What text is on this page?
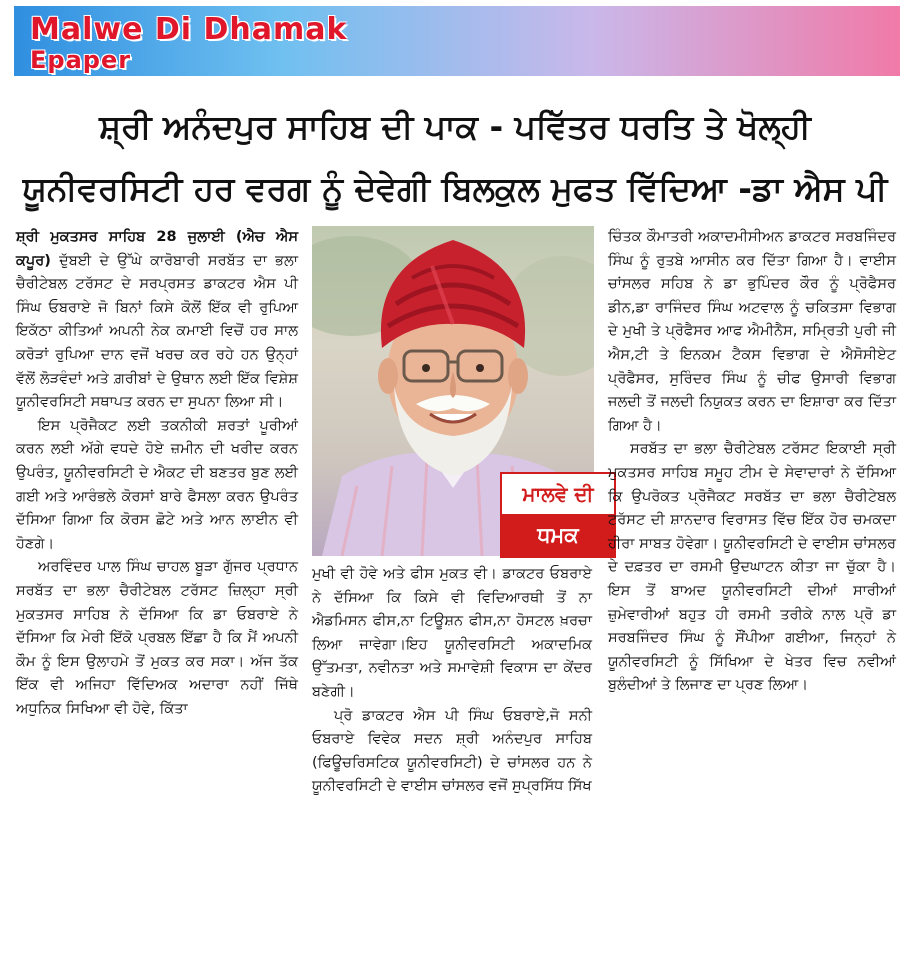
Malwe Di Dhamak
Epaper
ਸ਼੍ਰੀ ਅਨੰਦਪੁਰ ਸਾਹਿਬ ਦੀ ਪਾਕ - ਪਵਿੱਤਰ ਧਰਤਿ ਤੇ ਖੋਲ੍ਹੀ ਯੂਨੀਵਰਸਿਟੀ ਹਰ ਵਰਗ ਨੂੰ ਦੇਵੇਗੀ ਬਿਲਕੁਲ ਮੁਫਤ ਵਿੱਦਿਆ -ਡਾ ਐਸ ਪੀ

ਸ਼੍ਰੀ ਮੁਕਤਸਰ ਸਾਹਿਬ 28 ਜੁਲਾਈ (ਐਚ ਐਸ ਕਪੂਰ) ਦੁੱਬਈ ਦੇ ਉੱਘੇ ਕਾਰੋਬਾਰੀ ਸਰਬੱਤ ਦਾ ਭਲਾ ਚੈਰੀਟੇਬਲ ਟਰੱਸਟ ਦੇ ਸਰਪ੍ਰਸਤ ਡਾਕਟਰ ਐਸ ਪੀ ਸਿੰਘ ਓਬਰਾਏ ਜੋ ਬਿਨਾਂ ਕਿਸੇ ਕੋਲੋਂ ਇੱਕ ਵੀ ਰੁਪਿਆ ਇਕੱਠਾ ਕੀਤਿਆਂ ਅਪਨੀ ਨੇਕ ਕਮਾਈ ਵਿਚੋਂ ਹਰ ਸਾਲ ਕਰੋੜਾਂ ਰੁਪਿਆ ਦਾਨ ਵਜੋਂ ਖਰਚ ਕਰ ਰਹੇ ਹਨ ਉਨ੍ਹਾਂ ਵੱਲੋਂ ਲੋੜਵੰਦਾਂ ਅਤੇ ਗ਼ਰੀਬਾਂ ਦੇ ਉਥਾਨ ਲਈ ਇੱਕ ਵਿਸ਼ੇਸ਼ ਯੂਨੀਵਰਸਿਟੀ ਸਥਾਪਤ ਕਰਨ ਦਾ ਸੁਪਨਾ ਲਿਆ ਸੀ।

ਇਸ ਪ੍ਰੋਜੈਕਟ ਲਈ ਤਕਨੀਕੀ ਸ਼ਰਤਾਂ ਪੂਰੀਆਂ ਕਰਨ ਲਈ ਅੱਗੇ ਵਧਦੇ ਹੋਏ ਜ਼ਮੀਨ ਦੀ ਖਰੀਦ ਕਰਨ ਉਪਰੰਤ, ਯੂਨੀਵਰਸਿਟੀ ਦੇ ਐਕਟ ਦੀ ਬਣਤਰ ਬੁਣ ਲਈ ਗਈ ਅਤੇ ਆਰੰਭਲੇ ਕੋਰਸਾਂ ਬਾਰੇ ਫੈਸਲਾ ਕਰਨ ਉਪਰੰਤ ਦੱਸਿਆ ਗਿਆ ਕਿ ਕੋਰਸ ਛੋਟੇ ਅਤੇ ਆਨ ਲਾਈਨ ਵੀ ਹੋਣਗੇ।

ਅਰਵਿੰਦਰ ਪਾਲ ਸਿੰਘ ਚਾਹਲ ਬੂੜਾ ਗੁੱਜਰ ਪ੍ਰਧਾਨ ਸਰਬੱਤ ਦਾ ਭਲਾ ਚੈਰੀਟੇਬਲ ਟਰੱਸਟ ਜ਼ਿਲ੍ਹਾ ਸ੍ਰੀ ਮੁਕਤਸਰ ਸਾਹਿਬ ਨੇ ਦੱਸਿਆ ਕਿ ਡਾ ਓਬਰਾਏ ਨੇ ਦੱਸਿਆ ਕਿ ਮੇਰੀ ਇੱਕੋ ਪ੍ਰਬਲ ਇੱਛਾ ਹੈ ਕਿ ਮੈਂ ਅਪਨੀ ਕੌਮ ਨੂੰ ਇਸ ਉਲਾਹਮੇ ਤੋਂ ਮੁਕਤ ਕਰ ਸਕਾ। ਅੱਜ ਤੱਕ ਇੱਕ ਵੀ ਅਜਿਹਾ ਵਿੱਦਿਅਕ ਅਦਾਰਾ ਨਹੀਂ ਜਿੱਥੇ ਅਧੁਨਿਕ ਸਿਖਿਆ ਵੀ ਹੋਵੇ, ਕਿੱਤਾ

ਮਾਲਵੇ ਦੀ
ਧਮਕ

ਮੁਖੀ ਵੀ ਹੋਵੇ ਅਤੇ ਫੀਸ ਮੁਕਤ ਵੀ। ਡਾਕਟਰ ਓਬਰਾਏ ਨੇ ਦੱਸਿਆ ਕਿ ਕਿਸੇ ਵੀ ਵਿਦਿਆਰਥੀ ਤੋਂ ਨਾ ਐਡਮਿਸਨ ਫੀਸ,ਨਾ ਟਿਊਸ਼ਨ ਫੀਸ,ਨਾ ਹੋਸਟਲ ਖ਼ਰਚਾ ਲਿਆ ਜਾਵੇਗਾ।ਇਹ ਯੂਨੀਵਰਸਿਟੀ ਅਕਾਦਮਿਕ ਉੱਤਮਤਾ, ਨਵੀਨਤਾ ਅਤੇ ਸਮਾਵੇਸ਼ੀ ਵਿਕਾਸ ਦਾ ਕੇਂਦਰ ਬਣੇਗੀ।

ਪ੍ਰੋ ਡਾਕਟਰ ਐਸ ਪੀ ਸਿੰਘ ਓਬਰਾਏ,ਜੋ ਸਨੀ ਓਬਰਾਏ ਵਿਵੇਕ ਸਦਨ ਸ਼੍ਰੀ ਅਨੰਦਪੁਰ ਸਾਹਿਬ (ਫਿਊਚਰਿਸਟਿਕ ਯੂਨੀਵਰਸਿਟੀ) ਦੇ ਚਾਂਸਲਰ ਹਨ ਨੇ ਯੂਨੀਵਰਸਿਟੀ ਦੇ ਵਾਈਸ ਚਾਂਸਲਰ ਵਜੋਂ ਸੁਪ੍ਰਸਿੱਧ ਸਿੱਖ

ਚਿੰਤਕ ਕੌਮਾਤਰੀ ਅਕਾਦਮੀਸੀਅਨ ਡਾਕਟਰ ਸਰਬਜਿੰਦਰ ਸਿੰਘ ਨੂੰ ਰੁਤਬੇ ਆਸੀਨ ਕਰ ਦਿੱਤਾ ਗਿਆ ਹੈ। ਵਾਈਸ ਚਾਂਸਲਰ ਸਹਿਬ ਨੇ ਡਾ ਭੁਪਿੰਦਰ ਕੌਰ ਨੂੰ ਪ੍ਰੋਫੈਸਰ ਡੀਨ,ਡਾ ਰਾਜਿੰਦਰ ਸਿੰਘ ਅਟਵਾਲ ਨੂੰ ਚਕਿਤਸਾ ਵਿਭਾਗ ਦੇ ਮੁਖੀ ਤੇ ਪ੍ਰੋਫੈਸਰ ਆਫ ਐਮੀਨੈਸ, ਸਮ੍ਰਿਤੀ ਪੁਰੀ ਜੀ ਐਸ,ਟੀ ਤੇ ਇਨਕਮ ਟੈਕਸ ਵਿਭਾਗ ਦੇ ਐਸੋਸੀਏਟ ਪ੍ਰੋਫੈਸਰ, ਸੁਰਿੰਦਰ ਸਿੰਘ ਨੂੰ ਚੀਫ ਉਸਾਰੀ ਵਿਭਾਗ ਜਲਦੀ ਤੋਂ ਜਲਦੀ ਨਿਯੁਕਤ ਕਰਨ ਦਾ ਇਸ਼ਾਰਾ ਕਰ ਦਿੱਤਾ ਗਿਆ ਹੈ।

ਸਰਬੱਤ ਦਾ ਭਲਾ ਚੈਰੀਟੇਬਲ ਟਰੱਸਟ ਇਕਾਈ ਸ੍ਰੀ ਮੁਕਤਸਰ ਸਾਹਿਬ ਸਮੂਹ ਟੀਮ ਦੇ ਸੇਵਾਦਾਰਾਂ ਨੇ ਦੱਸਿਆ ਕਿ ਉਪਰੋਕਤ ਪ੍ਰੋਜੈਕਟ ਸਰਬੱਤ ਦਾ ਭਲਾ ਚੈਰੀਟੇਬਲ ਟਰੱਸਟ ਦੀ ਸ਼ਾਨਦਾਰ ਵਿਰਾਸਤ ਵਿੱਚ ਇੱਕ ਹੋਰ ਚਮਕਦਾ ਹੀਰਾ ਸਾਬਤ ਹੋਵੇਗਾ। ਯੂਨੀਵਰਸਿਟੀ ਦੇ ਵਾਈਸ ਚਾਂਸਲਰ ਦੇ ਦਫ਼ਤਰ ਦਾ ਰਸਮੀ ਉਦਘਾਟਨ ਕੀਤਾ ਜਾ ਚੁੱਕਾ ਹੈ। ਇਸ ਤੋਂ ਬਾਅਦ ਯੂਨੀਵਰਸਿਟੀ ਦੀਆਂ ਸਾਰੀਆਂ ਜ਼ੁਮੇਵਾਰੀਆਂ ਬਹੁਤ ਹੀ ਰਸਮੀ ਤਰੀਕੇ ਨਾਲ ਪ੍ਰੋ ਡਾ ਸਰਬਜਿੰਦਰ ਸਿੰਘ ਨੂੰ ਸੌਂਪੀਆ ਗਈਆ, ਜਿਨ੍ਹਾਂ ਨੇ ਯੂਨੀਵਰਸਿਟੀ ਨੂੰ ਸਿੱਖਿਆ ਦੇ ਖੇਤਰ ਵਿਚ ਨਵੀਆਂ ਬੁਲੰਦੀਆਂ ਤੇ ਲਿਜਾਣ ਦਾ ਪ੍ਰਣ ਲਿਆ।
